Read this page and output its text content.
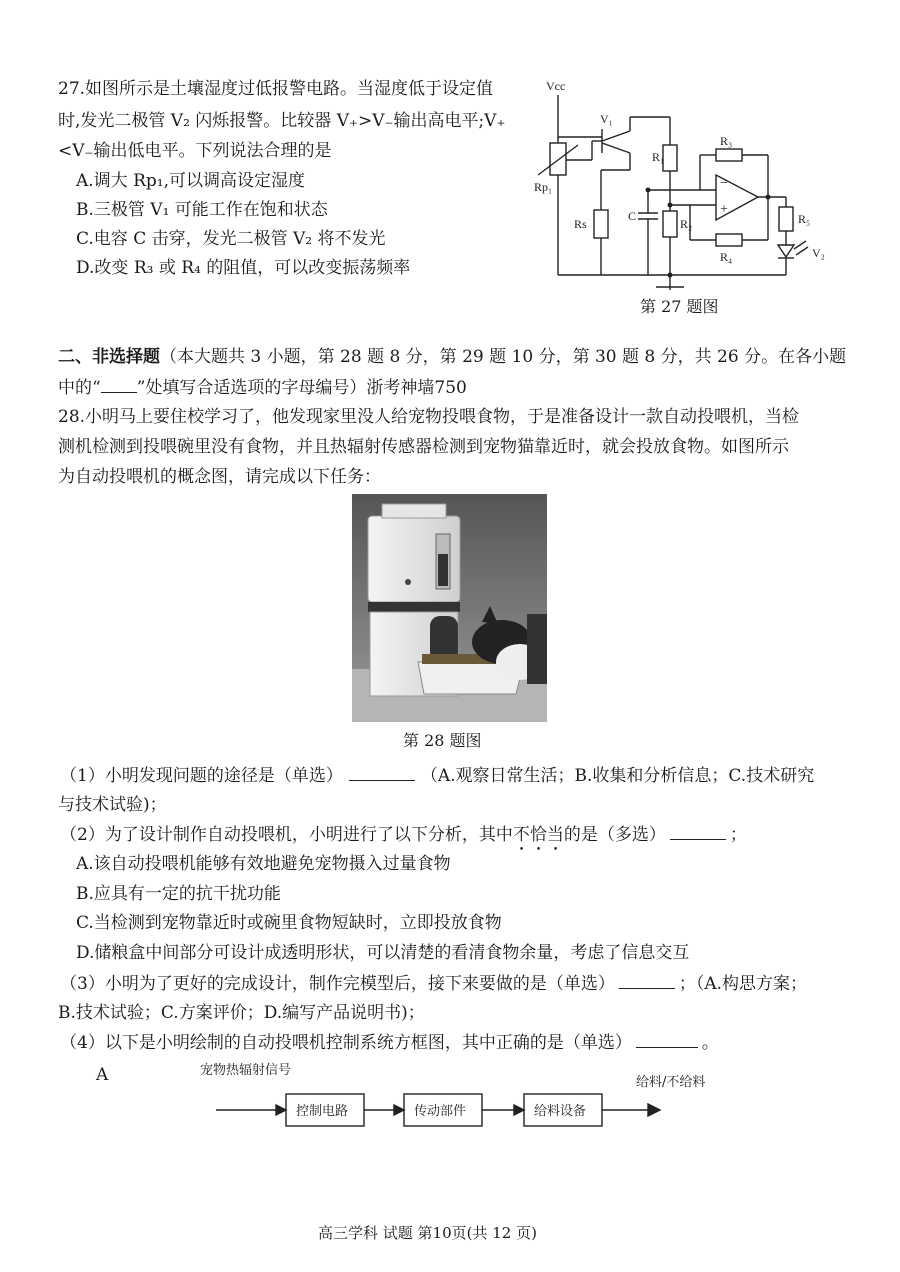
27.如图所示是土壤湿度过低报警电路。当湿度低于设定值
时,发光二极管 V₂ 闪烁报警。比较器 V₊>V₋输出高电平;V₊
<V₋输出低电平。下列说法合理的是
A.调大 Rp₁,可以调高设定湿度
B.三极管 V₁ 可能工作在饱和状态
C.电容 C 击穿，发光二极管 V₂ 将不发光
D.改变 R₃ 或 R₄ 的阻值，可以改变振荡频率
Vcc
V₁
Rp₁
R₁
R₂
R₃
R₄
R₅
Rs
C
V₂
−
+
第 27 题图
二、非选择题（本大题共 3 小题，第 28 题 8 分，第 29 题 10 分，第 30 题 8 分，共 26 分。在各小题
中的“ ”处填写合适选项的字母编号）浙考神墙750
28.小明马上要住校学习了，他发现家里没人给宠物投喂食物，于是准备设计一款自动投喂机，当检
测机检测到投喂碗里没有食物，并且热辐射传感器检测到宠物猫靠近时，就会投放食物。如图所示
为自动投喂机的概念图，请完成以下任务：
第 28 题图
（1）小明发现问题的途径是（单选）	（A.观察日常生活；B.收集和分析信息；C.技术研究
与技术试验)；
（2）为了设计制作自动投喂机，小明进行了以下分析，其中不恰当的是（多选）	；
A.该自动投喂机能够有效地避免宠物摄入过量食物
B.应具有一定的抗干扰功能
C.当检测到宠物靠近时或碗里食物短缺时，立即投放食物
D.储粮盒中间部分可设计成透明形状，可以清楚的看清食物余量，考虑了信息交互
（3）小明为了更好的完成设计，制作完模型后，接下来要做的是（单选）	；（A.构思方案；
B.技术试验；C.方案评价；D.编写产品说明书)；
（4）以下是小明绘制的自动投喂机控制系统方框图，其中正确的是（单选）	。
A	宠物热辐射信号
给料/不给料
控制电路	传动部件	给料设备
高三学科 试题 第10页(共 12 页)
